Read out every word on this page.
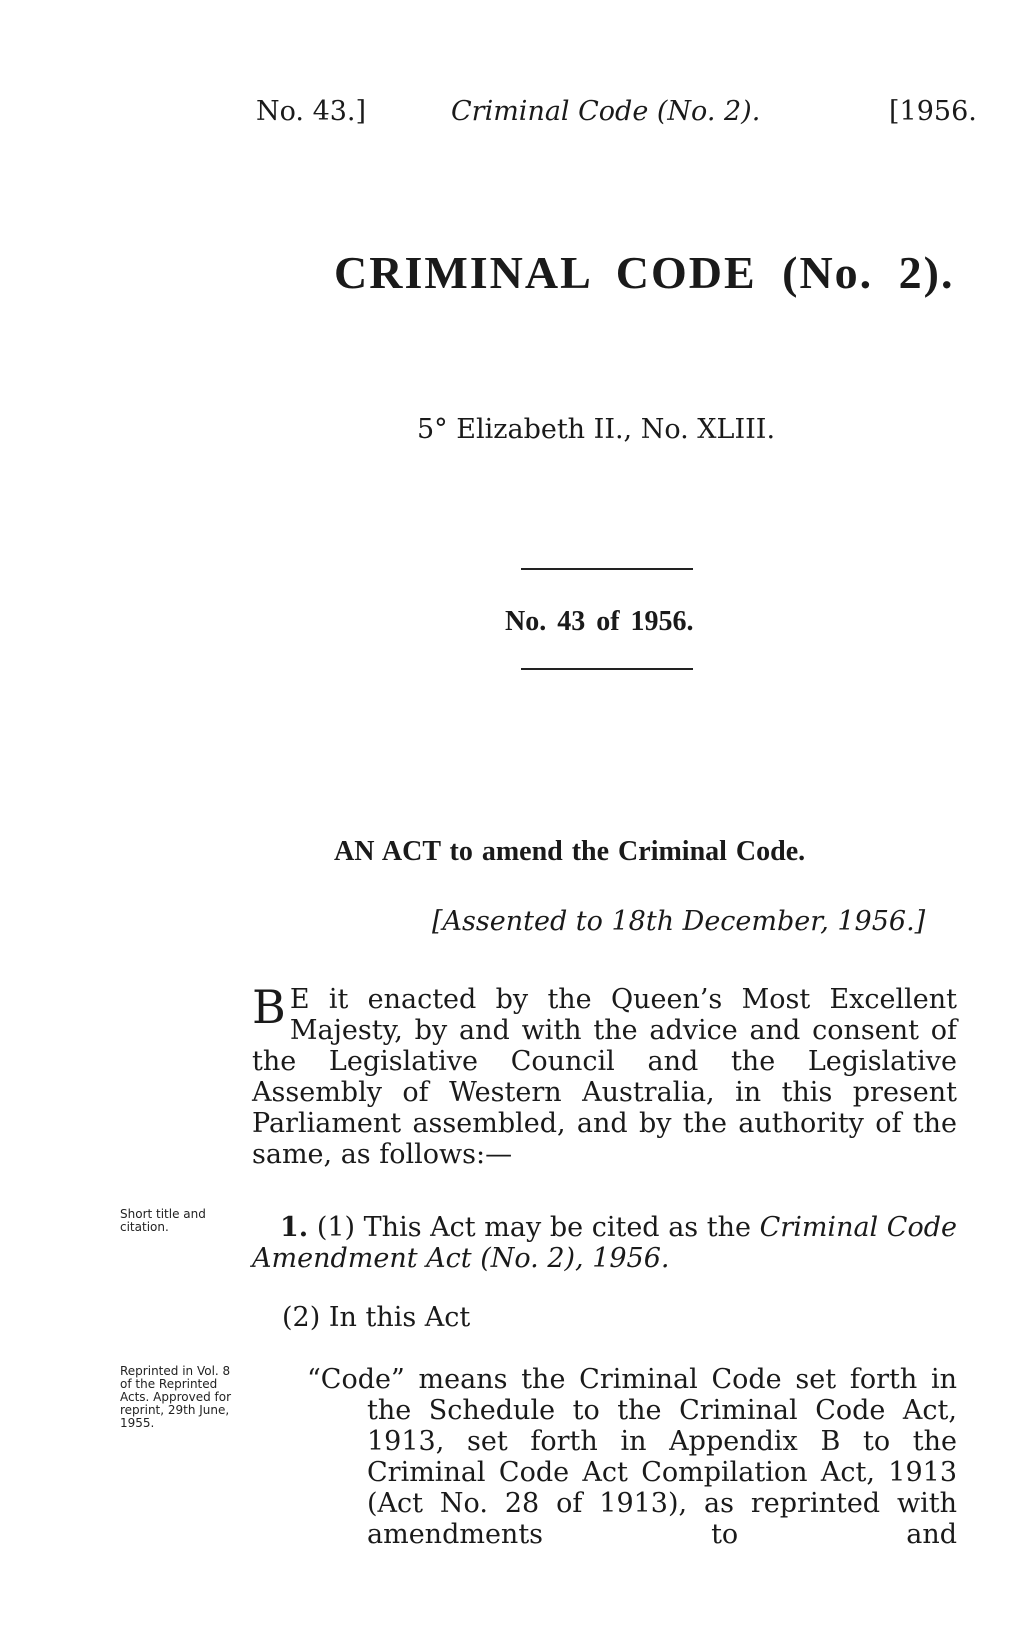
No. 43.]	Criminal Code (No. 2).	[1956.
CRIMINAL CODE (No. 2).
5° Elizabeth II., No. XLIII.
No. 43 of 1956.
AN ACT to amend the Criminal Code.
[Assented to 18th December, 1956.]
B E it enacted by the Queen’s Most Excellent Majesty, by and with the advice and consent of the Legislative Council and the Legislative Assembly of Western Australia, in this present Parliament assembled, and by the authority of the same, as follows:—
Short title and citation.	1. (1) This Act may be cited as the Criminal Code Amendment Act (No. 2), 1956.
(2) In this Act
Reprinted in Vol. 8 of the Reprinted Acts. Approved for reprint, 29th June, 1955.
“Code” means the Criminal Code set forth in the Schedule to the Criminal Code Act, 1913, set forth in Appendix B to the Criminal Code Act Compilation Act, 1913 (Act No. 28 of 1913), as reprinted with amendments to and
